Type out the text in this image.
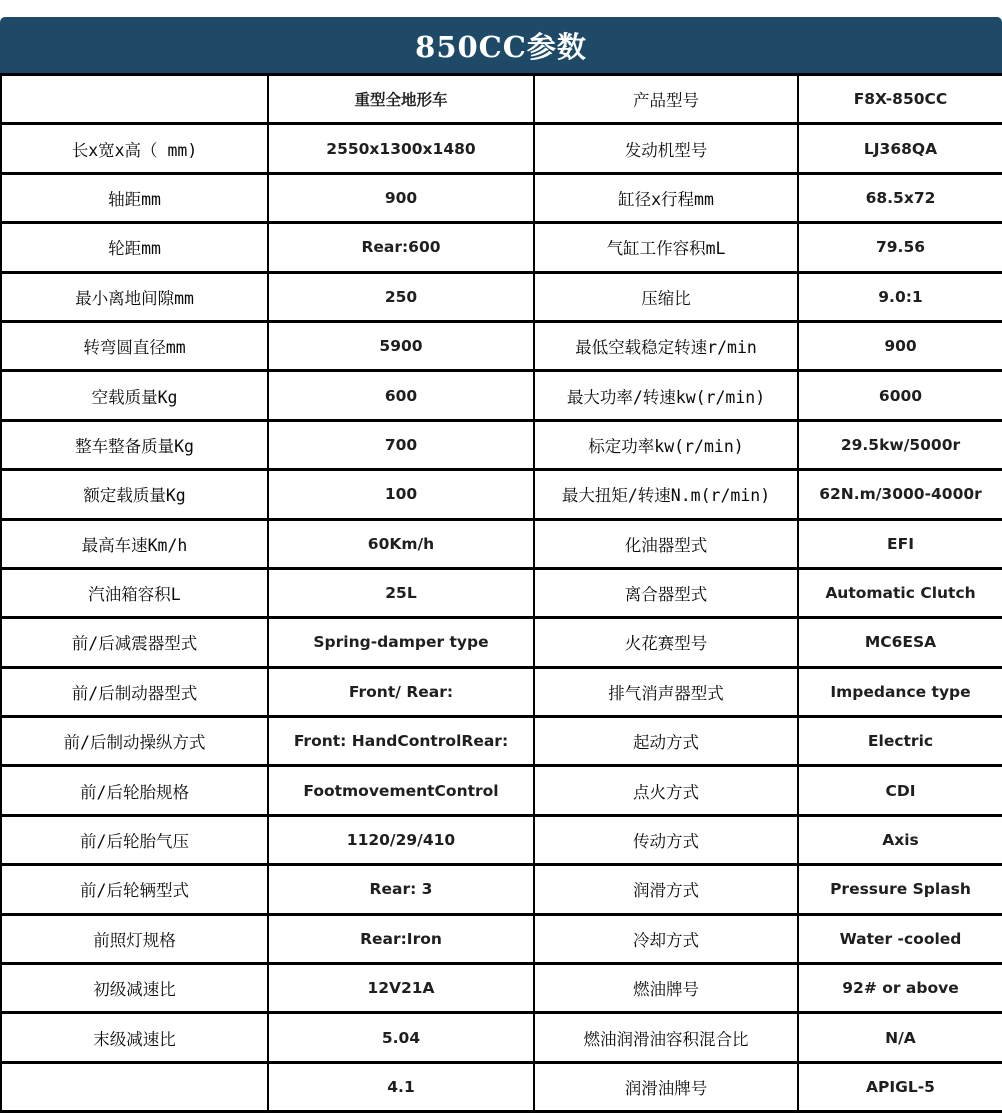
850CC参数
	重型全地形车	产品型号	F8X-850CC
长x宽x高（ mm)	2550x1300x1480	发动机型号	LJ368QA
轴距mm	900	缸径x行程mm	68.5x72
轮距mm	Rear:600	气缸工作容积mL	79.56
最小离地间隙mm	250	压缩比	9.0:1
转弯圆直径mm	5900	最低空载稳定转速r/min	900
空载质量Kg	600	最大功率/转速kw(r/min)	6000
整车整备质量Kg	700	标定功率kw(r/min)	29.5kw/5000r
额定载质量Kg	100	最大扭矩/转速N.m(r/min)	62N.m/3000-4000r
最高车速Km/h	60Km/h	化油器型式	EFI
汽油箱容积L	25L	离合器型式	Automatic Clutch
前/后减震器型式	Spring-damper type	火花赛型号	MC6ESA
前/后制动器型式	Front/ Rear:	排气消声器型式	Impedance type
前/后制动操纵方式	Front: HandControlRear:	起动方式	Electric
前/后轮胎规格	FootmovementControl	点火方式	CDI
前/后轮胎气压	1120/29/410	传动方式	Axis
前/后轮辆型式	Rear: 3	润滑方式	Pressure Splash
前照灯规格	Rear:Iron	冷却方式	Water -cooled
初级减速比	12V21A	燃油牌号	92# or above
末级减速比	5.04	燃油润滑油容积混合比	N/A
	4.1	润滑油牌号	APIGL-5
